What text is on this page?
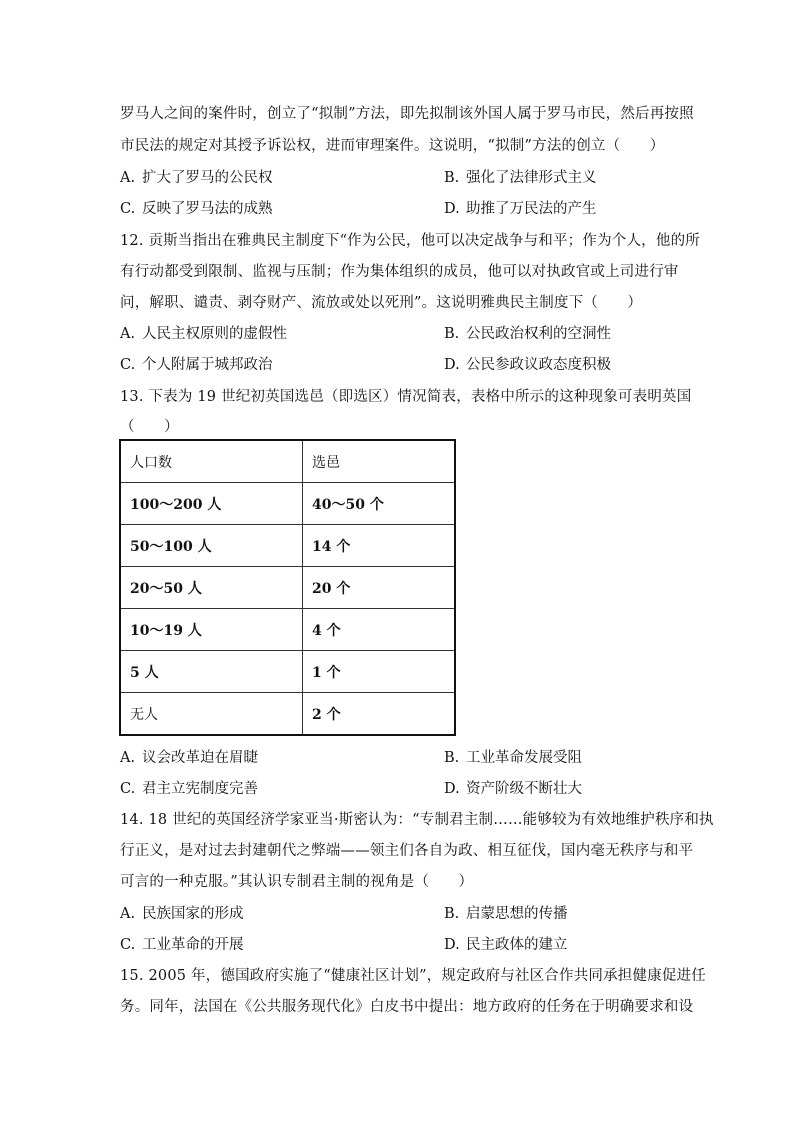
罗马人之间的案件时，创立了“拟制”方法，即先拟制该外国人属于罗马市民，然后再按照
市民法的规定对其授予诉讼权，进而审理案件。这说明，“拟制”方法的创立（　　）
A. 扩大了罗马的公民权	B. 强化了法律形式主义
C. 反映了罗马法的成熟	D. 助推了万民法的产生
12. 贡斯当指出在雅典民主制度下“作为公民，他可以决定战争与和平；作为个人，他的所
有行动都受到限制、监视与压制；作为集体组织的成员，他可以对执政官或上司进行审
问，解职、谴责、剥夺财产、流放或处以死刑”。这说明雅典民主制度下（　　）
A. 人民主权原则的虚假性	B. 公民政治权利的空洞性
C. 个人附属于城邦政治	D. 公民参政议政态度积极
13. 下表为 19 世纪初英国选邑（即选区）情况简表，表格中所示的这种现象可表明英国
（　　）
人口数	选邑
100～200 人	40～50 个
50～100 人	14 个
20～50 人	20 个
10～19 人	4 个
5 人	1 个
无人	2 个
A. 议会改革迫在眉睫	B. 工业革命发展受阻
C. 君主立宪制度完善	D. 资产阶级不断壮大
14. 18 世纪的英国经济学家亚当·斯密认为：“专制君主制……能够较为有效地维护秩序和执
行正义，是对过去封建朝代之弊端——领主们各自为政、相互征伐，国内毫无秩序与和平
可言的一种克服。”其认识专制君主制的视角是（　　）
A. 民族国家的形成	B. 启蒙思想的传播
C. 工业革命的开展	D. 民主政体的建立
15. 2005 年，德国政府实施了“健康社区计划”，规定政府与社区合作共同承担健康促进任
务。同年，法国在《公共服务现代化》白皮书中提出：地方政府的任务在于明确要求和设
